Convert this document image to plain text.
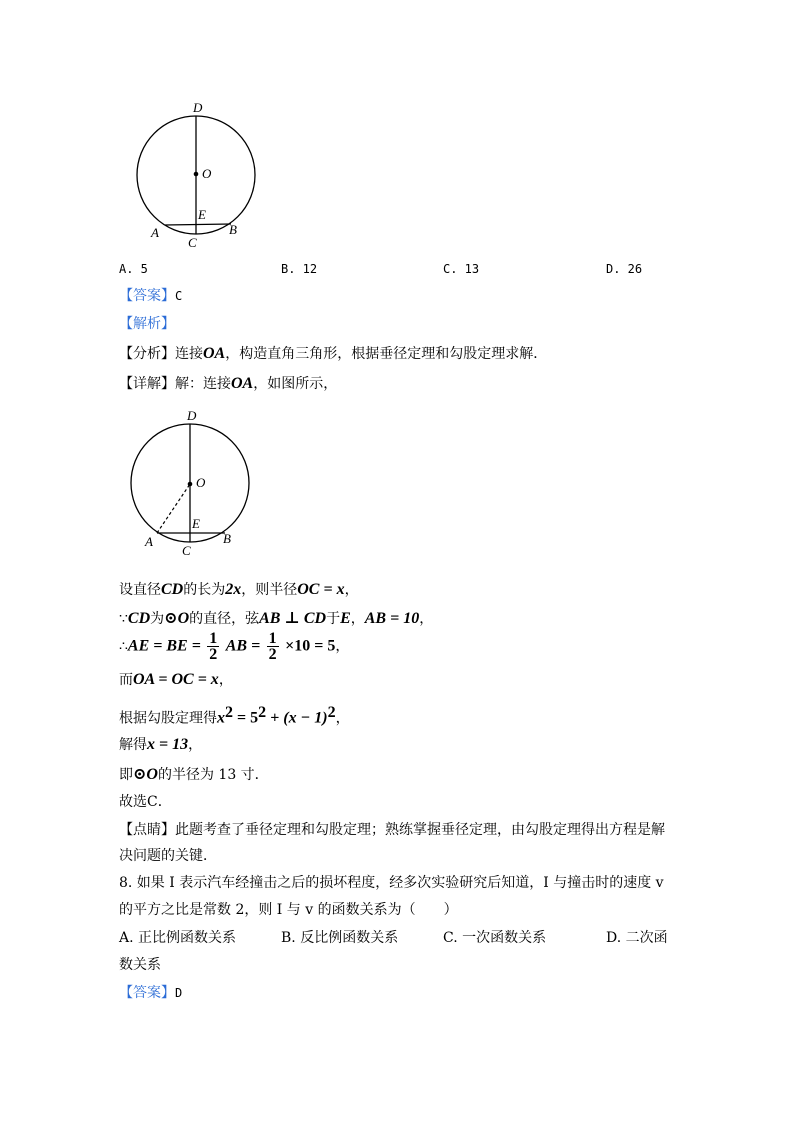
D
O
E
A
C
B
A. 5	B. 12	C. 13	D. 26
【答案】C
【解析】
【分析】连接OA，构造直角三角形，根据垂径定理和勾股定理求解．
【详解】解：连接OA，如图所示，
D
O
E
A
C
B
设直径CD的长为2x，则半径OC = x，
∵CD为⊙O的直径，弦AB ⊥ CD于E，AB = 10，
∴AE = BE = $\frac{1}{2}$ AB = $\frac{1}{2} \times 10 = 5$，
而OA = OC = x，
根据勾股定理得$x^2 = 5^2 + (x - 1)^2$，
解得x = 13，
即⊙O的半径为 13 寸．
故选C．
【点睛】此题考查了垂径定理和勾股定理；熟练掌握垂径定理，由勾股定理得出方程是解
决问题的关键．
8. 如果 I 表示汽车经撞击之后的损坏程度，经多次实验研究后知道，I 与撞击时的速度 v
的平方之比是常数 2，则 I 与 v 的函数关系为（　　）
A. 正比例函数关系	B. 反比例函数关系	C. 一次函数关系	D. 二次函
数关系
【答案】D
